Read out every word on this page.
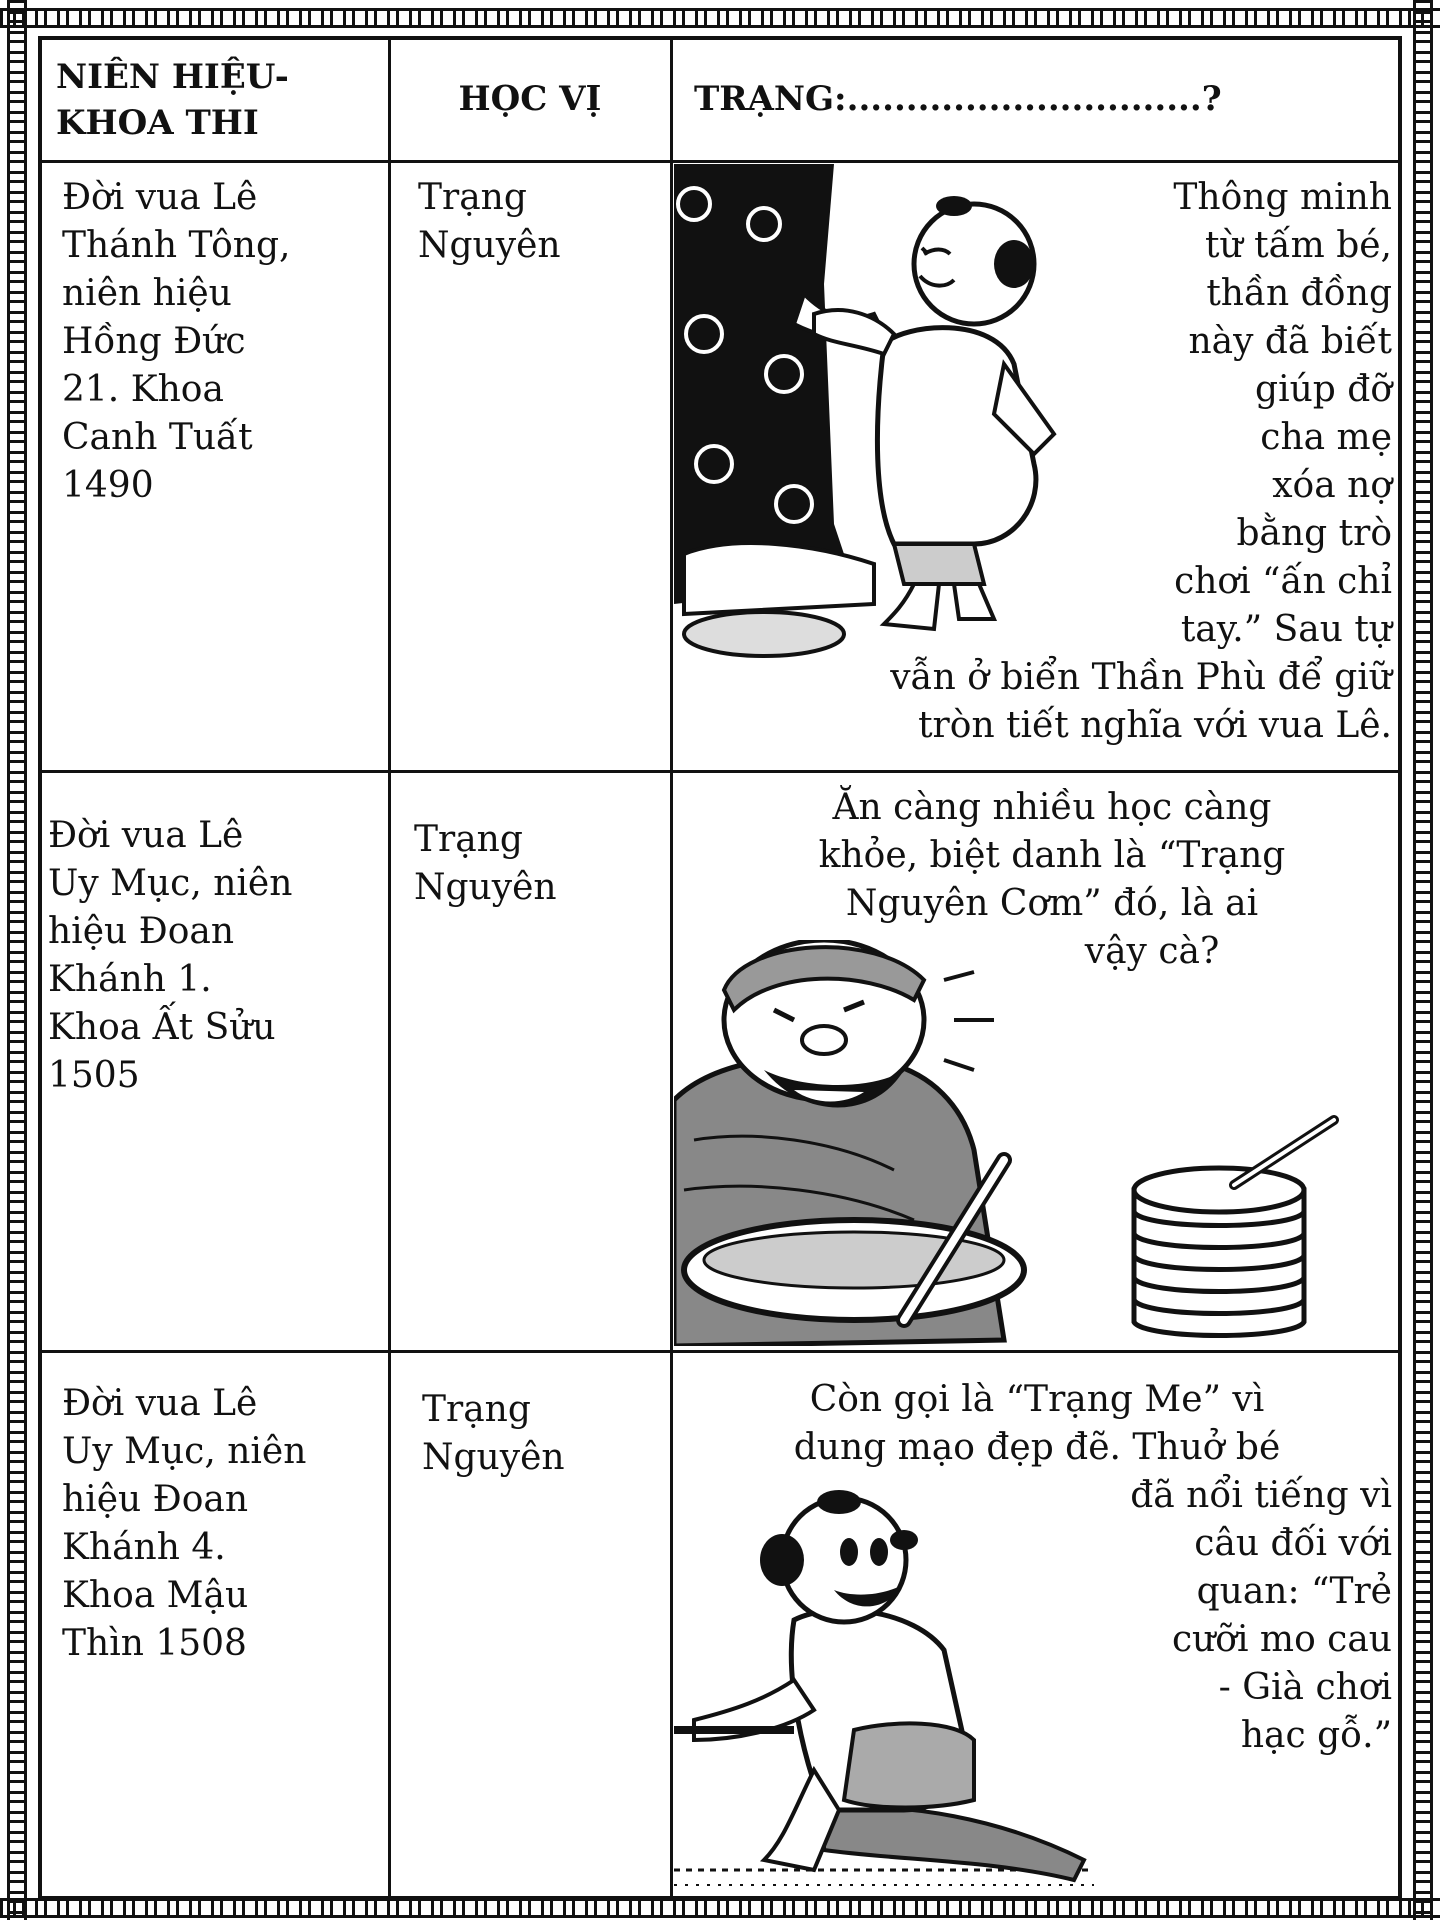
NIÊN HIỆU-
KHOA THI
HỌC VỊ	TRẠNG:..............................?
Đời vua Lê
Thánh Tông,
niên hiệu
Hồng Đức
21. Khoa
Canh Tuất
1490
Trạng
Nguyên
Thông minh
từ tấm bé,
thần đồng
này đã biết
giúp đỡ
cha mẹ
xóa nợ
bằng trò
chơi “ấn chỉ
tay.” Sau tự
vẫn ở biển Thần Phù để giữ
tròn tiết nghĩa với vua Lê.
Đời vua Lê
Uy Mục, niên
hiệu Đoan
Khánh 1.
Khoa Ất Sửu
1505
Trạng
Nguyên
Ăn càng nhiều học càng
khỏe, biệt danh là “Trạng
Nguyên Cơm” đó, là ai
vậy cà?
Đời vua Lê
Uy Mục, niên
hiệu Đoan
Khánh 4.
Khoa Mậu
Thìn 1508
Trạng
Nguyên
Còn gọi là “Trạng Me” vì
dung mạo đẹp đẽ. Thuở bé
đã nổi tiếng vì
câu đối với
quan: “Trẻ
cưỡi mo cau
- Già chơi
hạc gỗ.”
